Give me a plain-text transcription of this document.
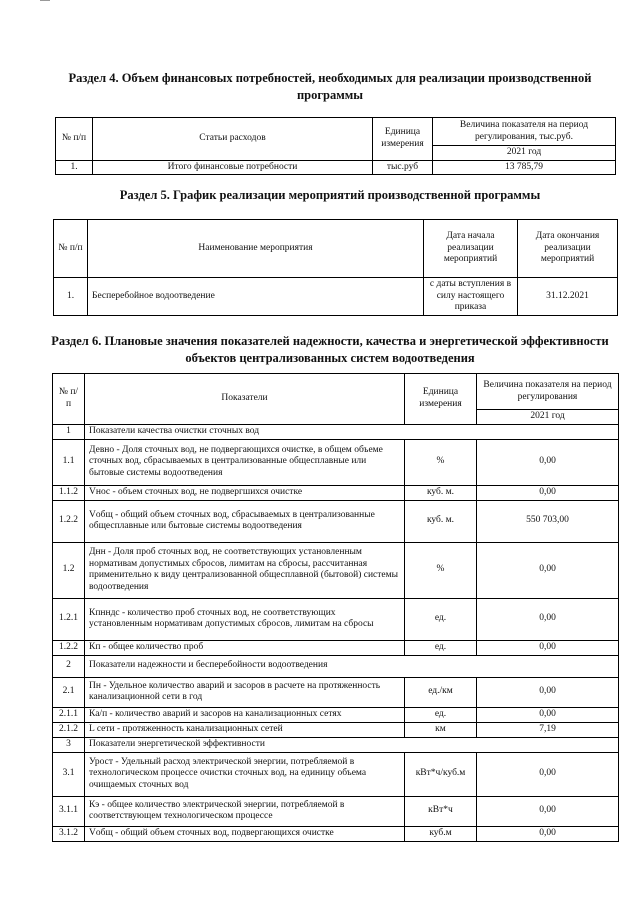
Раздел 4. Объем финансовых потребностей, необходимых для реализации производственной программы
№ п/п	Статьи расходов	Единица измерения	Величина показателя на период регулирования, тыс.руб.
			2021 год
1.	Итого финансовые потребности	тыс.руб	13 785,79
Раздел 5. График реализации мероприятий производственной программы
№ п/п	Наименование мероприятия	Дата начала реализации мероприятий	Дата окончания реализации мероприятий
1.	Бесперебойное водоотведение	с даты вступления в силу настоящего приказа	31.12.2021
Раздел 6. Плановые значения показателей надежности, качества и энергетической эффективности объектов централизованных систем водоотведения
№ п/п	Показатели	Единица измерения	Величина показателя на период регулирования
			2021 год
1	Показатели качества очистки сточных вод		
1.1	Девно - Доля сточных вод, не подвергающихся очистке, в общем объеме сточных вод, сбрасываемых в централизованные общесплавные или бытовые системы водоотведения	%	0,00
1.1.2	Vнос - объем сточных вод, не подвергшихся очистке	куб. м.	0,00
1.2.2	Vобщ - общий объем сточных вод, сбрасываемых в централизованные общесплавные или бытовые системы водоотведения	куб. м.	550 703,00
1.2	Днн - Доля проб сточных вод, не соответствующих установленным нормативам допустимых сбросов, лимитам на сбросы, рассчитанная применительно к виду централизованной общесплавной (бытовой) системы водоотведения	%	0,00
1.2.1	Кпнндс - количество проб сточных вод, не соответствующих установленным нормативам допустимых сбросов, лимитам на сбросы	ед.	0,00
1.2.2	Кп - общее количество проб	ед.	0,00
2	Показатели надежности и бесперебойности водоотведения		
2.1	Пн - Удельное количество аварий и засоров в расчете на протяженность канализационной сети в год	ед./км	0,00
2.1.1	Ка/п - количество аварий и засоров на канализационных сетях	ед.	0,00
2.1.2	L сети - протяженность канализационных сетей	км	7,19
3	Показатели энергетической эффективности		
3.1	Урост - Удельный расход электрической энергии, потребляемой в технологическом процессе очистки сточных вод, на единицу объема очищаемых сточных вод	кВт*ч/куб.м	0,00
3.1.1	Кэ - общее количество электрической энергии, потребляемой в соответствующем технологическом процессе	кВт*ч	0,00
3.1.2	Vобщ - общий объем сточных вод, подвергающихся очистке	куб.м	0,00
